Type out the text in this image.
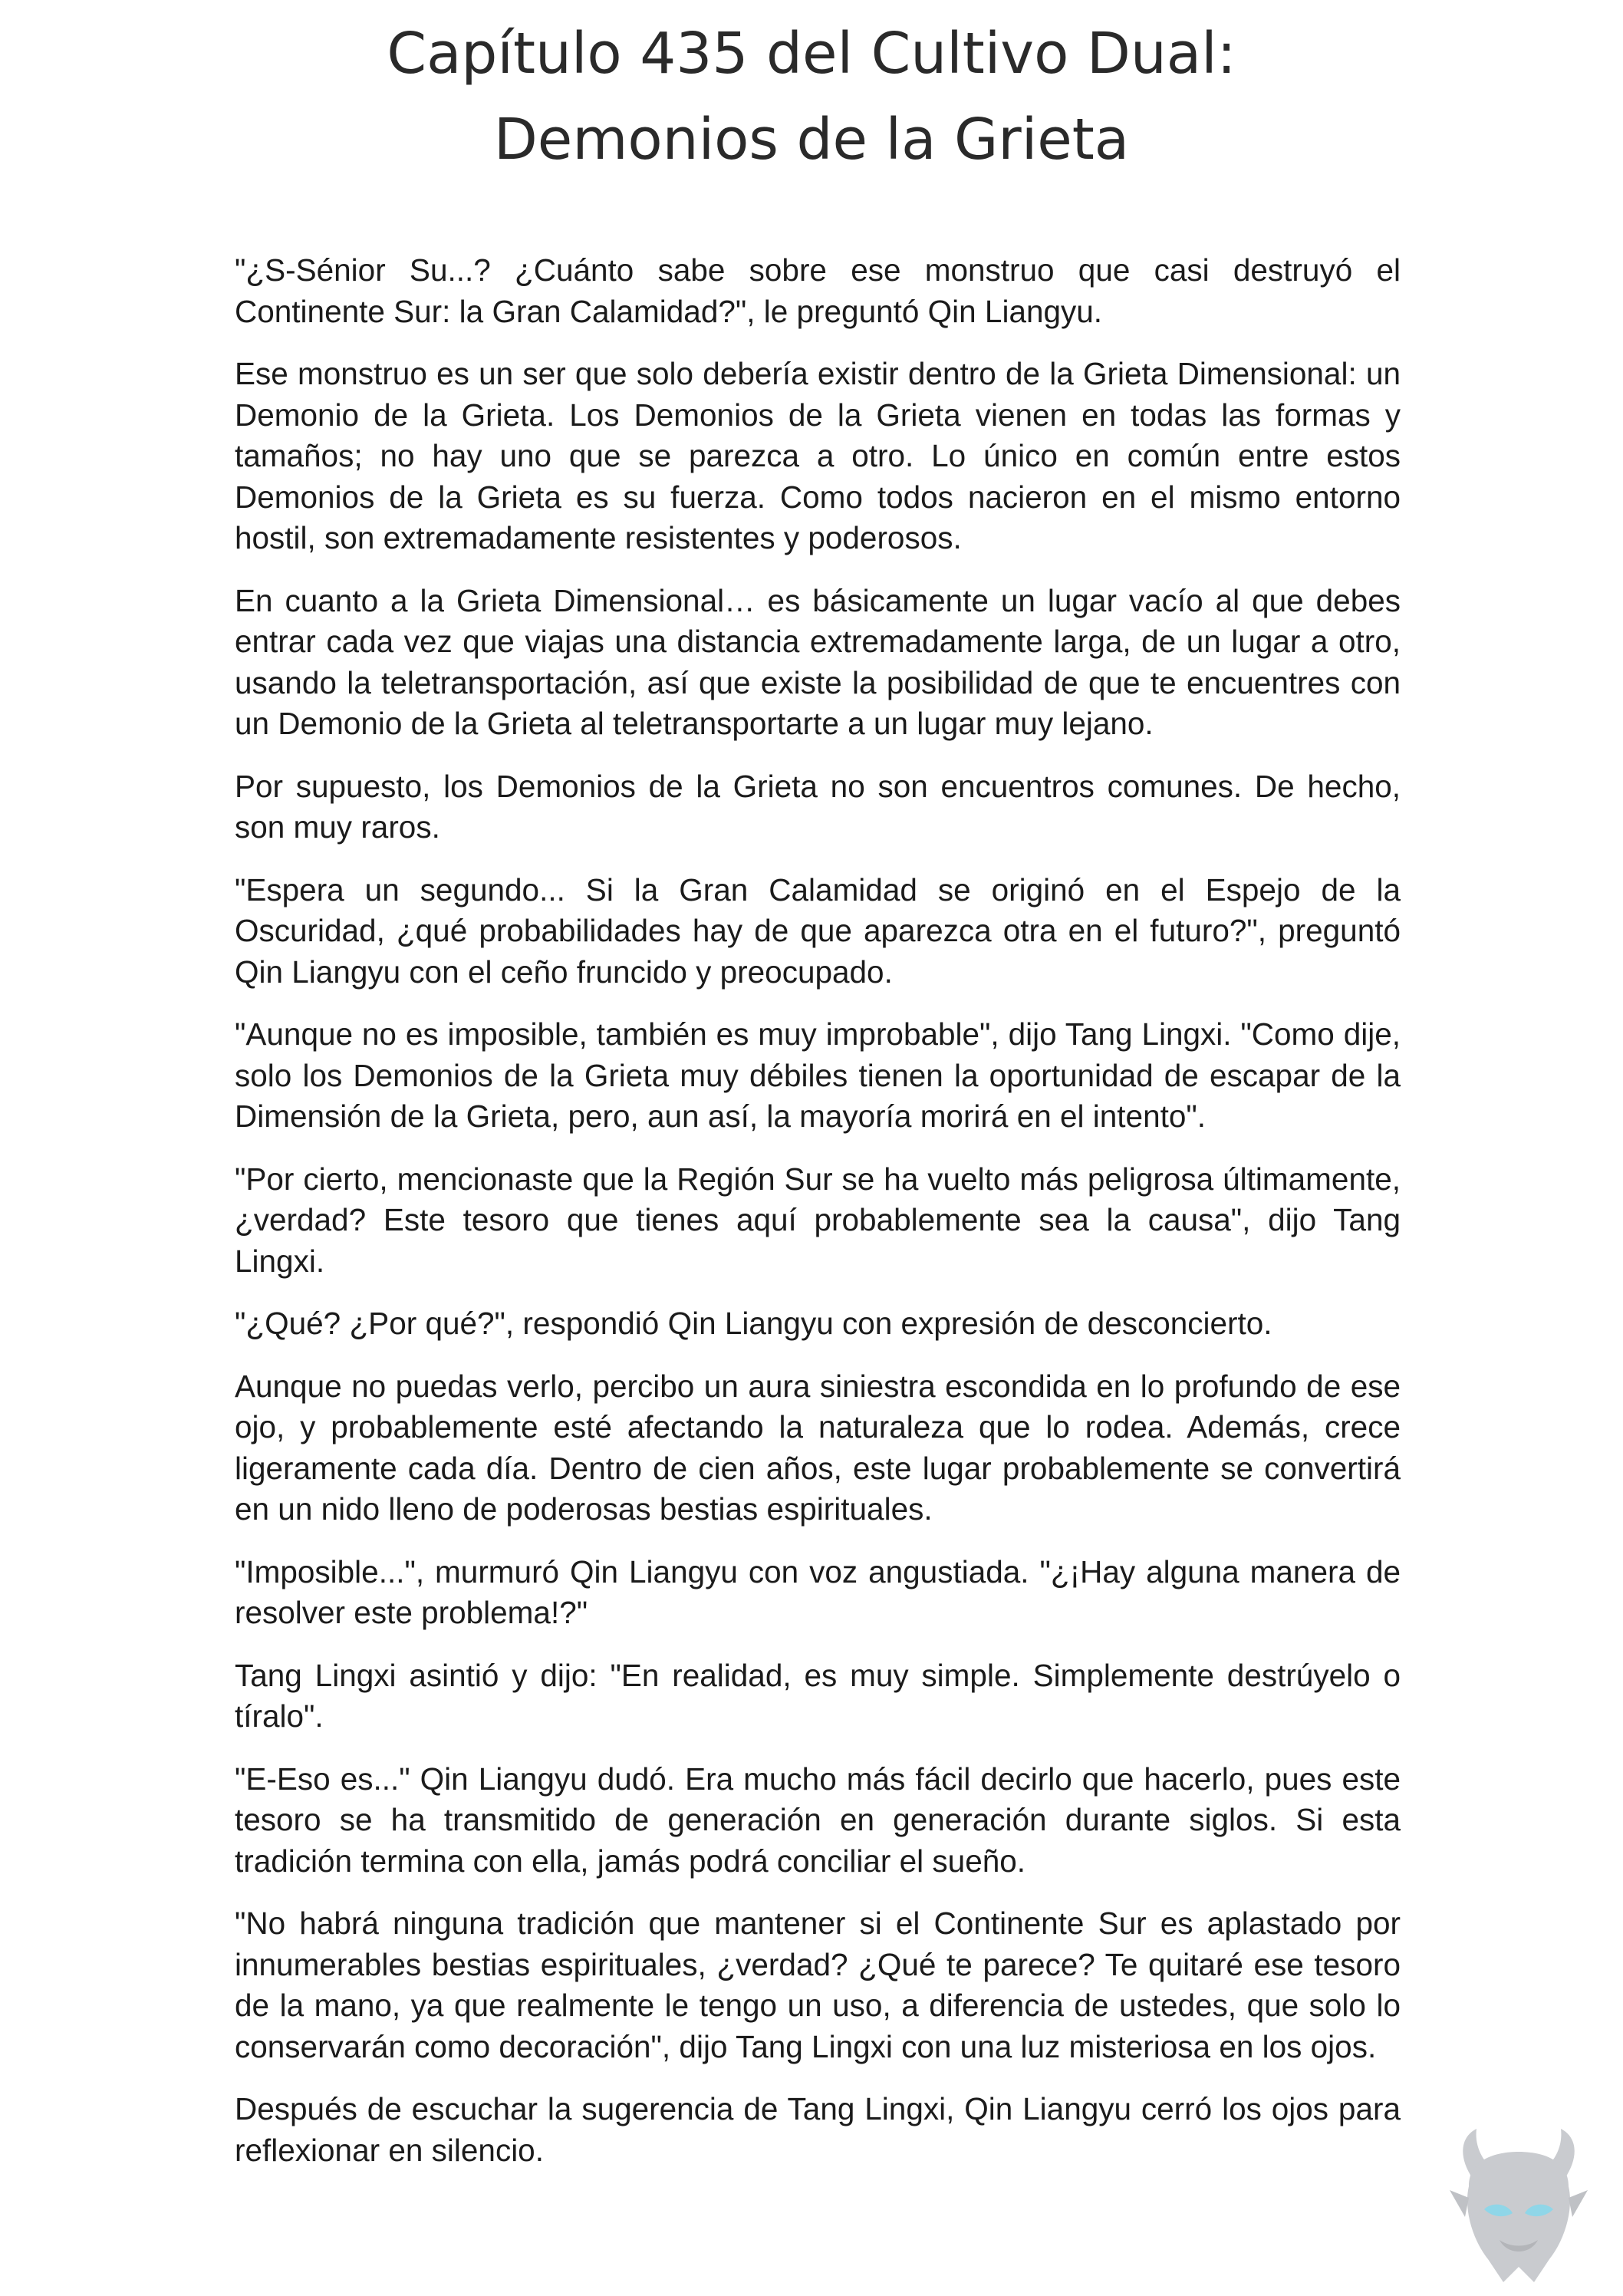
Capítulo 435 del Cultivo Dual:
Demonios de la Grieta

"¿S-Sénior Su...? ¿Cuánto sabe sobre ese monstruo que casi destruyó el Continente Sur: la Gran Calamidad?", le preguntó Qin Liangyu.

Ese monstruo es un ser que solo debería existir dentro de la Grieta Dimensional: un Demonio de la Grieta. Los Demonios de la Grieta vienen en todas las formas y tamaños; no hay uno que se parezca a otro. Lo único en común entre estos Demonios de la Grieta es su fuerza. Como todos nacieron en el mismo entorno hostil, son extremadamente resistentes y poderosos.

En cuanto a la Grieta Dimensional… es básicamente un lugar vacío al que debes entrar cada vez que viajas una distancia extremadamente larga, de un lugar a otro, usando la teletransportación, así que existe la posibilidad de que te encuentres con un Demonio de la Grieta al teletransportarte a un lugar muy lejano.

Por supuesto, los Demonios de la Grieta no son encuentros comunes. De hecho, son muy raros.

"Espera un segundo... Si la Gran Calamidad se originó en el Espejo de la Oscuridad, ¿qué probabilidades hay de que aparezca otra en el futuro?", preguntó Qin Liangyu con el ceño fruncido y preocupado.

"Aunque no es imposible, también es muy improbable", dijo Tang Lingxi. "Como dije, solo los Demonios de la Grieta muy débiles tienen la oportunidad de escapar de la Dimensión de la Grieta, pero, aun así, la mayoría morirá en el intento".

"Por cierto, mencionaste que la Región Sur se ha vuelto más peligrosa últimamente, ¿verdad? Este tesoro que tienes aquí probablemente sea la causa", dijo Tang Lingxi.

"¿Qué? ¿Por qué?", respondió Qin Liangyu con expresión de desconcierto.

Aunque no puedas verlo, percibo un aura siniestra escondida en lo profundo de ese ojo, y probablemente esté afectando la naturaleza que lo rodea. Además, crece ligeramente cada día. Dentro de cien años, este lugar probablemente se convertirá en un nido lleno de poderosas bestias espirituales.

"Imposible...", murmuró Qin Liangyu con voz angustiada. "¿¡Hay alguna manera de resolver este problema!?"

Tang Lingxi asintió y dijo: "En realidad, es muy simple. Simplemente destrúyelo o tíralo".

"E-Eso es..." Qin Liangyu dudó. Era mucho más fácil decirlo que hacerlo, pues este tesoro se ha transmitido de generación en generación durante siglos. Si esta tradición termina con ella, jamás podrá conciliar el sueño.

"No habrá ninguna tradición que mantener si el Continente Sur es aplastado por innumerables bestias espirituales, ¿verdad? ¿Qué te parece? Te quitaré ese tesoro de la mano, ya que realmente le tengo un uso, a diferencia de ustedes, que solo lo conservarán como decoración", dijo Tang Lingxi con una luz misteriosa en los ojos.

Después de escuchar la sugerencia de Tang Lingxi, Qin Liangyu cerró los ojos para reflexionar en silencio.
